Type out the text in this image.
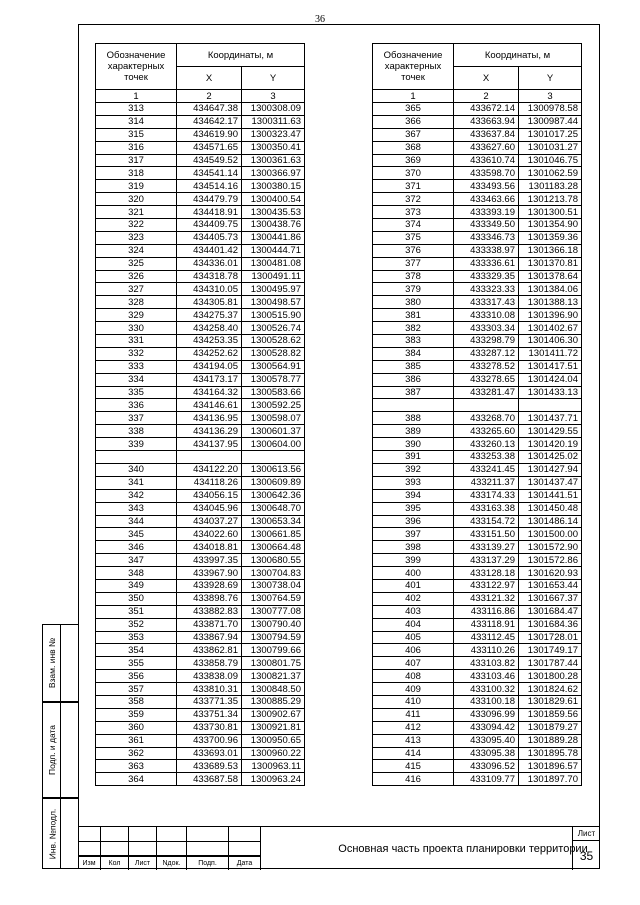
36
Взам. инв №
Подп. и дата
Инв. №подл.
Обозначение характерных точек	Координаты, м	
	X	Y
1	2	3
313	434647.38	1300308.09
314	434642.17	1300311.63
315	434619.90	1300323.47
316	434571.65	1300350.41
317	434549.52	1300361.63
318	434541.14	1300366.97
319	434514.16	1300380.15
320	434479.79	1300400.54
321	434418.91	1300435.53
322	434409.75	1300438.76
323	434405.73	1300441.86
324	434401.42	1300444.71
325	434336.01	1300481.08
326	434318.78	1300491.11
327	434310.05	1300495.97
328	434305.81	1300498.57
329	434275.37	1300515.90
330	434258.40	1300526.74
331	434253.35	1300528.62
332	434252.62	1300528.82
333	434194.05	1300564.91
334	434173.17	1300578.77
335	434164.32	1300583.66
336	434146.61	1300592.25
337	434136.95	1300598.07
338	434136.29	1300601.37
339	434137.95	1300604.00

340	434122.20	1300613.56
341	434118.26	1300609.89
342	434056.15	1300642.36
343	434045.96	1300648.70
344	434037.27	1300653.34
345	434022.60	1300661.85
346	434018.81	1300664.48
347	433997.35	1300680.55
348	433967.90	1300704.83
349	433928.69	1300738.04
350	433898.76	1300764.59
351	433882.83	1300777.08
352	433871.70	1300790.40
353	433867.94	1300794.59
354	433862.81	1300799.66
355	433858.79	1300801.75
356	433838.09	1300821.37
357	433810.31	1300848.50
358	433771.35	1300885.29
359	433751.34	1300902.67
360	433730.81	1300921.81
361	433700.96	1300950.65
362	433693.01	1300960.22
363	433689.53	1300963.11
364	433687.58	1300963.24
Обозначение характерных точек	Координаты, м	
	X	Y
1	2	3
365	433672.14	1300978.58
366	433663.94	1300987.44
367	433637.84	1301017.25
368	433627.60	1301031.27
369	433610.74	1301046.75
370	433598.70	1301062.59
371	433493.56	1301183.28
372	433463.66	1301213.78
373	433393.19	1301300.51
374	433349.50	1301354.90
375	433346.73	1301359.36
376	433338.97	1301366.18
377	433336.61	1301370.81
378	433329.35	1301378.64
379	433323.33	1301384.06
380	433317.43	1301388.13
381	433310.08	1301396.90
382	433303.34	1301402.67
383	433298.79	1301406.30
384	433287.12	1301411.72
385	433278.52	1301417.51
386	433278.65	1301424.04
387	433281.47	1301433.13

388	433268.70	1301437.71
389	433265.60	1301429.55
390	433260.13	1301420.19
391	433253.38	1301425.02
392	433241.45	1301427.94
393	433211.37	1301437.47
394	433174.33	1301441.51
395	433163.38	1301450.48
396	433154.72	1301486.14
397	433151.50	1301500.00
398	433139.27	1301572.90
399	433137.29	1301572.86
400	433128.18	1301620.93
401	433122.97	1301653.44
402	433121.32	1301667.37
403	433116.86	1301684.47
404	433118.91	1301684.36
405	433112.45	1301728.01
406	433110.26	1301749.17
407	433103.82	1301787.44
408	433103.46	1301800.28
409	433100.32	1301824.62
410	433100.18	1301829.61
411	433096.99	1301859.56
412	433094.42	1301879.27
413	433095.40	1301889.28
414	433095.38	1301895.78
415	433096.52	1301896.57
416	433109.77	1301897.70
Изм	Кол	Лист	Nдок.	Подп.	Дата
Основная часть проекта планировки территории
Лист
35
